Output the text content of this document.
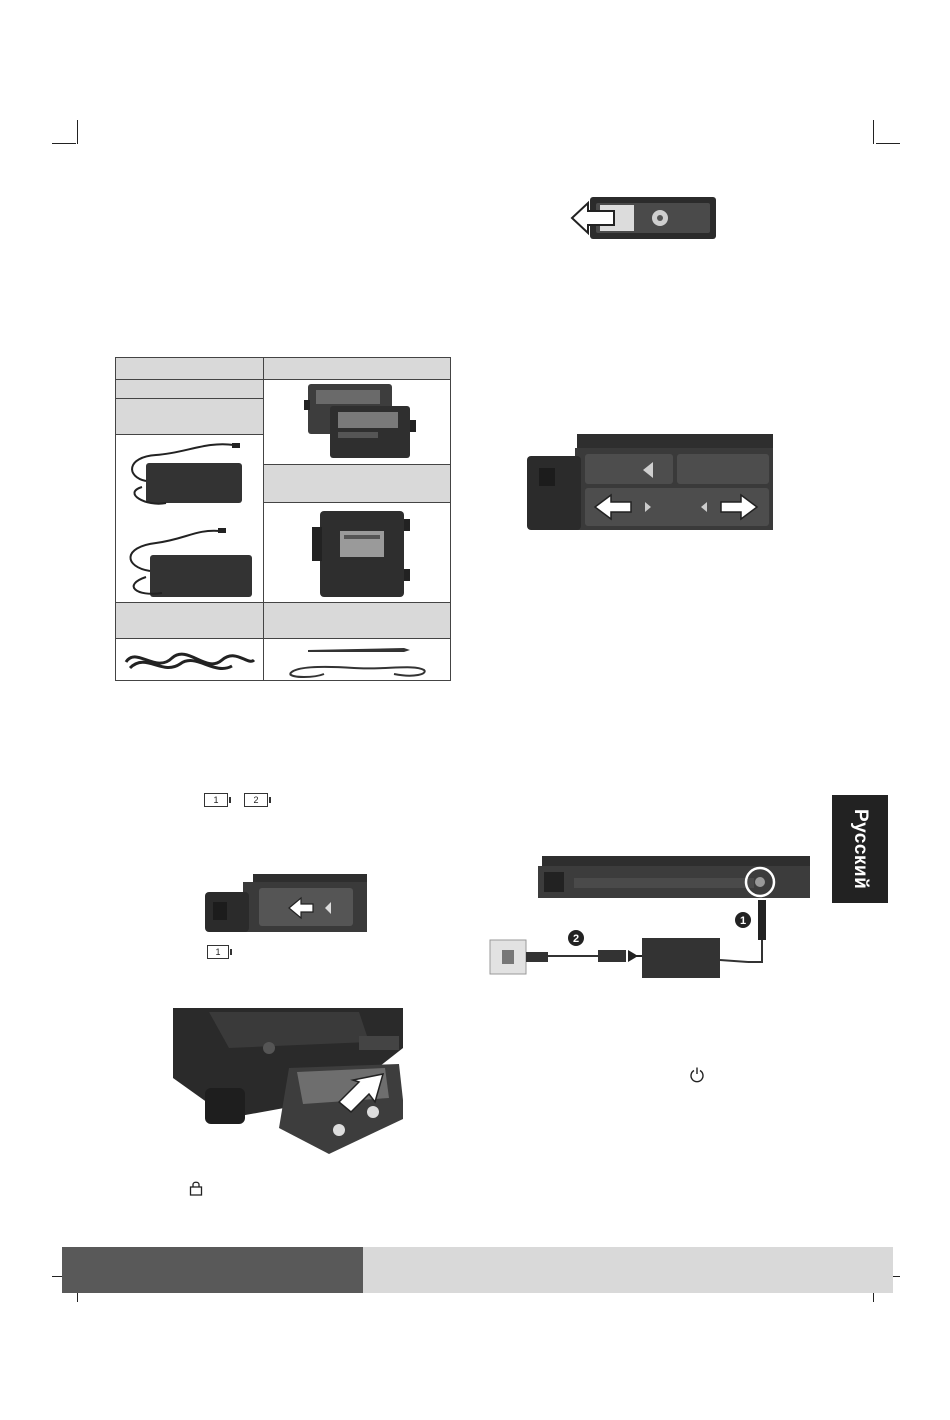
1	2
1
1
2
Русский
